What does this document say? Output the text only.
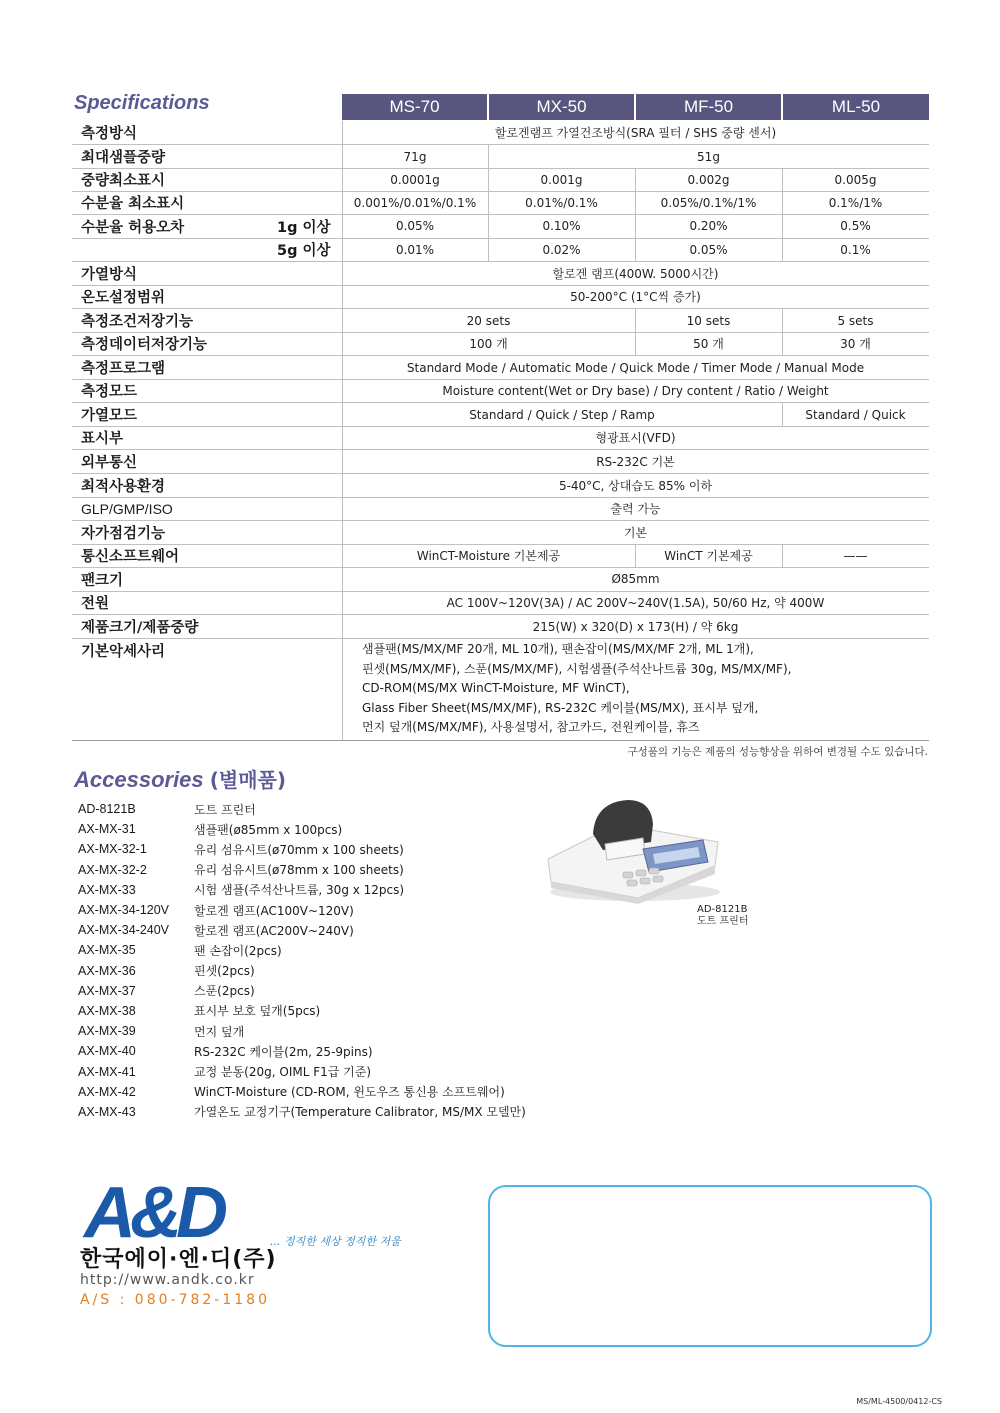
Specifications	MS-70	MX-50	MF-50	ML-50
측정방식	할로겐램프 가열건조방식(SRA 필터 / SHS 중량 센서)
최대샘플중량	71g	51g
중량최소표시	0.0001g	0.001g	0.002g	0.005g
수분율 최소표시	0.001%/0.01%/0.1%	0.01%/0.1%	0.05%/0.1%/1%	0.1%/1%
수분율 허용오차	1g 이상	0.05%	0.10%	0.20%	0.5%
5g 이상	0.01%	0.02%	0.05%	0.1%
가열방식	할로겐 램프(400W. 5000시간)
온도설정범위	50-200°C (1°C씩 증가)
측정조건저장기능	20 sets	10 sets	5 sets
측정데이터저장기능	100 개	50 개	30 개
측정프로그램	Standard Mode / Automatic Mode / Quick Mode / Timer Mode / Manual Mode
측정모드	Moisture content(Wet or Dry base) / Dry content / Ratio / Weight
가열모드	Standard / Quick / Step / Ramp	Standard / Quick
표시부	형광표시(VFD)
외부통신	RS-232C 기본
최적사용환경	5-40°C, 상대습도 85% 이하
GLP/GMP/ISO	출력 가능
자가점검기능	기본
통신소프트웨어	WinCT-Moisture 기본제공	WinCT 기본제공	——
팬크기	Ø85mm
전원	AC 100V~120V(3A) / AC 200V~240V(1.5A), 50/60 Hz, 약 400W
제품크기/제품중량	215(W) x 320(D) x 173(H) / 약 6kg
기본악세사리	샘플팬(MS/MX/MF 20개, ML 10개), 팬손잡이(MS/MX/MF 2개, ML 1개),
핀셋(MS/MX/MF), 스푼(MS/MX/MF), 시험샘플(주석산나트륨 30g, MS/MX/MF),
CD-ROM(MS/MX WinCT-Moisture, MF WinCT),
Glass Fiber Sheet(MS/MX/MF), RS-232C 케이블(MS/MX), 표시부 덮개,
먼지 덮개(MS/MX/MF), 사용설명서, 참고카드, 전원케이블, 휴즈
구성품의 기능은 제품의 성능향상을 위하여 변경될 수도 있습니다.
Accessories (별매품)
AD-8121B	도트 프린터
AX-MX-31	샘플팬(ø85mm x 100pcs)
AX-MX-32-1	유리 섬유시트(ø70mm x 100 sheets)
AX-MX-32-2	유리 섬유시트(ø78mm x 100 sheets)
AX-MX-33	시험 샘플(주석산나트륨, 30g x 12pcs)
AX-MX-34-120V	할로겐 램프(AC100V~120V)
AX-MX-34-240V	할로겐 램프(AC200V~240V)
AX-MX-35	팬 손잡이(2pcs)
AX-MX-36	핀셋(2pcs)
AX-MX-37	스푼(2pcs)
AX-MX-38	표시부 보호 덮개(5pcs)
AX-MX-39	먼지 덮개
AX-MX-40	RS-232C 케이블(2m, 25-9pins)
AX-MX-41	교정 분동(20g, OIML F1급 기준)
AX-MX-42	WinCT-Moisture (CD-ROM, 윈도우즈 통신용 소프트웨어)
AX-MX-43	가열온도 교정기구(Temperature Calibrator, MS/MX 모델만)
AD-8121B
도트 프린터
A&D	... 정직한 세상 정직한 저울
한국에이·엔·디(주)
http://www.andk.co.kr
A/S : 080-782-1180
MS/ML-4500/0412-CS
